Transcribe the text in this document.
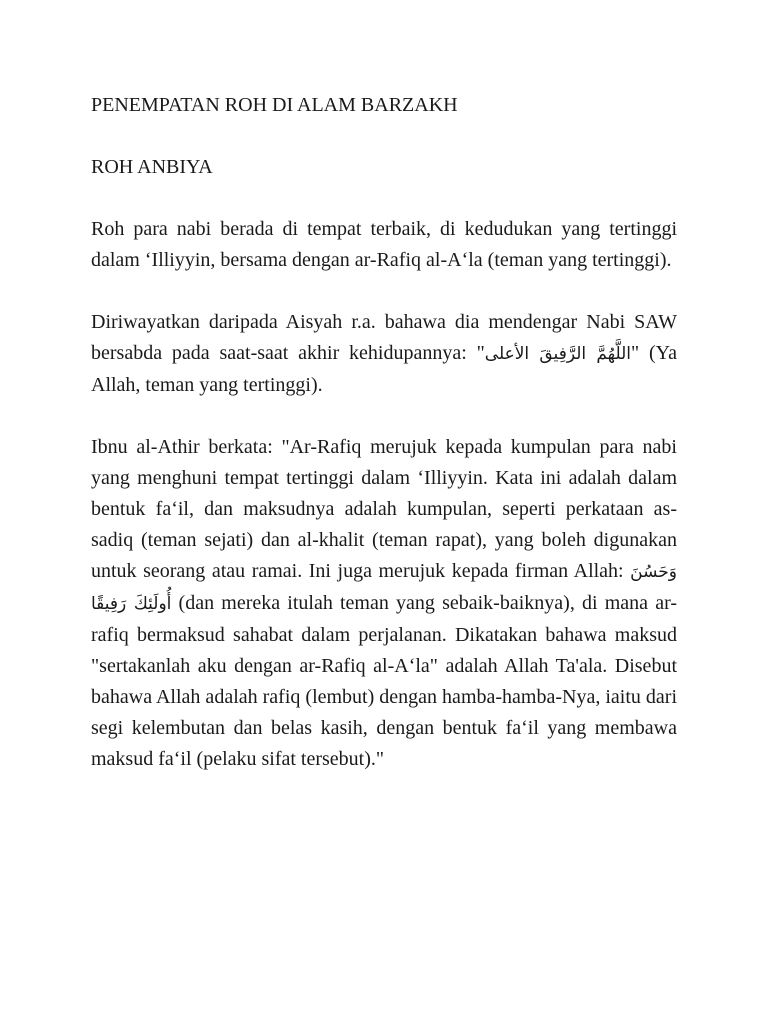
PENEMPATAN ROH DI ALAM BARZAKH

ROH ANBIYA

Roh para nabi berada di tempat terbaik, di kedudukan yang tertinggi dalam ‘Illiyyin, bersama dengan ar-Rafiq al-A‘la (teman yang tertinggi).

Diriwayatkan daripada Aisyah r.a. bahawa dia mendengar Nabi SAW bersabda pada saat-saat akhir kehidupannya: "اللَّهُمَّ الرَّفِيقَ الأعلى" (Ya Allah, teman yang tertinggi).

Ibnu al-Athir berkata: "Ar-Rafiq merujuk kepada kumpulan para nabi yang menghuni tempat tertinggi dalam ‘Illiyyin. Kata ini adalah dalam bentuk fa‘il, dan maksudnya adalah kumpulan, seperti perkataan as-sadiq (teman sejati) dan al-khalit (teman rapat), yang boleh digunakan untuk seorang atau ramai. Ini juga merujuk kepada firman Allah: وَحَسُنَ أُولَئِكَ رَفِيقًا (dan mereka itulah teman yang sebaik-baiknya), di mana ar-rafiq bermaksud sahabat dalam perjalanan. Dikatakan bahawa maksud "sertakanlah aku dengan ar-Rafiq al-A‘la" adalah Allah Ta'ala. Disebut bahawa Allah adalah rafiq (lembut) dengan hamba-hamba-Nya, iaitu dari segi kelembutan dan belas kasih, dengan bentuk fa‘il yang membawa maksud fa‘il (pelaku sifat tersebut)."
